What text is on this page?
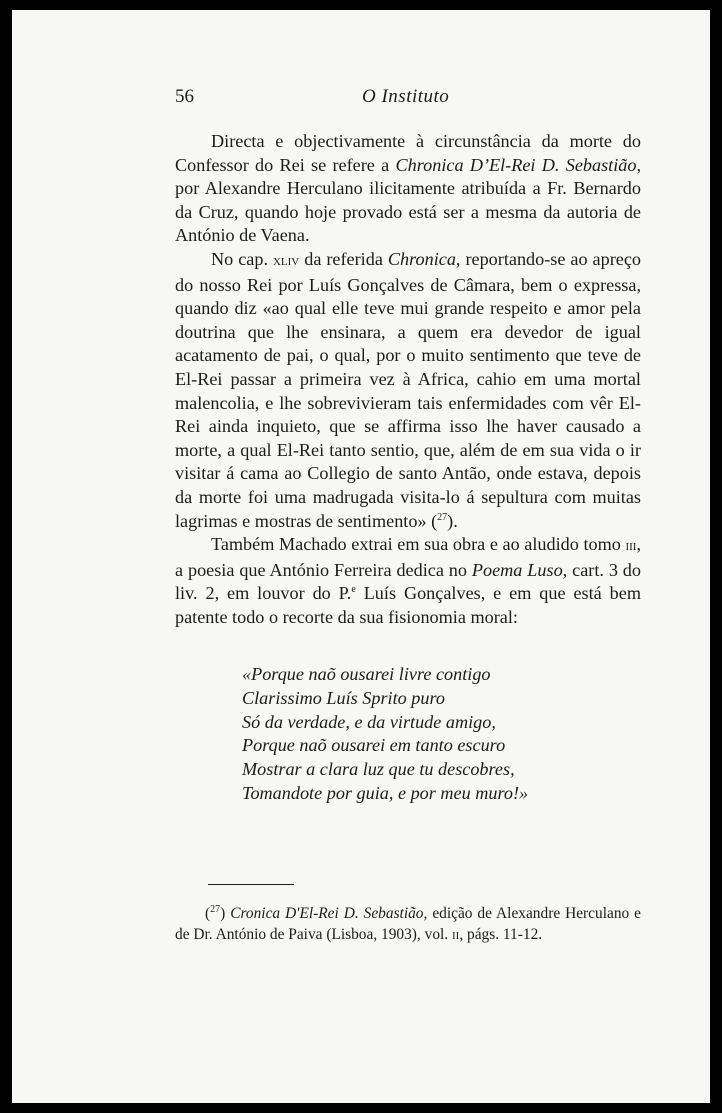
56	O Instituto

Directa e objectivamente à circunstância da morte do Confessor do Rei se refere a Chronica D’El-Rei D. Sebastião, por Alexandre Herculano ilicitamente atribuída a Fr. Bernardo da Cruz, quando hoje provado está ser a mesma da autoria de António de Vaena.

No cap. xliv da referida Chronica, reportando-se ao apreço do nosso Rei por Luís Gonçalves de Câmara, bem o expressa, quando diz «ao qual elle teve mui grande respeito e amor pela doutrina que lhe ensinara, a quem era devedor de igual acatamento de pai, o qual, por o muito sentimento que teve de El-Rei passar a primeira vez à Africa, cahio em uma mortal malencolia, e lhe sobrevivieram tais enfermidades com vêr El-Rei ainda inquieto, que se affirma isso lhe haver causado a morte, a qual El-Rei tanto sentio, que, além de em sua vida o ir visitar á cama ao Collegio de santo Antão, onde estava, depois da morte foi uma madrugada visita-lo á sepultura com muitas lagrimas e mostras de sentimento» ($^{27}$).

Também Machado extrai em sua obra e ao aludido tomo iii, a poesia que António Ferreira dedica no Poema Luso, cart. 3 do liv. 2, em louvor do P.$^e$ Luís Gonçalves, e em que está bem patente todo o recorte da sua fisionomia moral:

«Porque naõ ousarei livre contigo
Clarissimo Luís Sprito puro
Só da verdade, e da virtude amigo,
Porque naõ ousarei em tanto escuro
Mostrar a clara luz que tu descobres,
Tomandote por guia, e por meu muro!»
($^{27}$) Cronica D'El-Rei D. Sebastião, edição de Alexandre Herculano e de Dr. António de Paiva (Lisboa, 1903), vol. ii, págs. 11-12.
